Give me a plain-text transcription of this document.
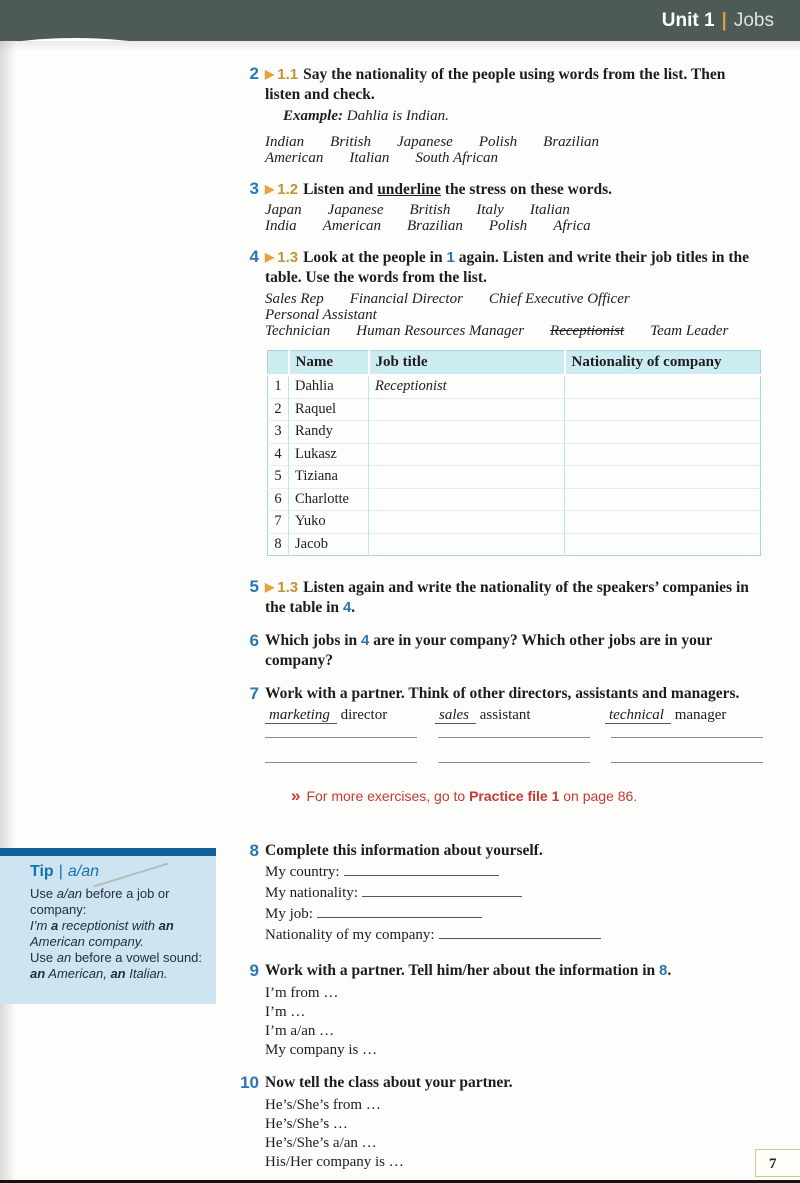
Unit 1 | Jobs
2 ▶ 1.1 Say the nationality of the people using words from the list. Then listen and check.

Example: Dahlia is Indian.

Indian British Japanese Polish Brazilian

American Italian South African

3 ▶ 1.2 Listen and underline the stress on these words.

Japan Japanese British Italy Italian

India American Brazilian Polish Africa

4 ▶ 1.3 Look at the people in 1 again. Listen and write their job titles in the table. Use the words from the list.

Sales Rep Financial Director Chief Executive OfficerPersonal Assistant

Technician Human Resources Manager Receptionist Team Leader

	Name	Job title	Nationality of company
1	Dahlia	Receptionist	
2	Raquel		
3	Randy		
4	Lukasz		
5	Tiziana		
6	Charlotte		
7	Yuko		
8	Jacob		
5 ▶ 1.3 Listen again and write the nationality of the speakers’ companies in the table in 4.

6 Which jobs in 4 are in your company? Which other jobs are in your company?

7 Work with a partner. Think of other directors, assistants and managers.

marketing director	sales assistant	technical manager
» For more exercises, go to Practice file 1 on page 86.
8 Complete this information about yourself.

My country:
My nationality:
My job:
Nationality of my company:
9 Work with a partner. Tell him/her about the information in 8.

I’m from …
I’m …
I’m a/an …
My company is …
10 Now tell the class about your partner.

He’s/She’s from …
He’s/She’s …
He’s/She’s a/an …
His/Her company is …
Tip | a/an
Use a/an before a job or company:
I’m a receptionist with an American company.
Use an before a vowel sound:
an American, an Italian.
7
